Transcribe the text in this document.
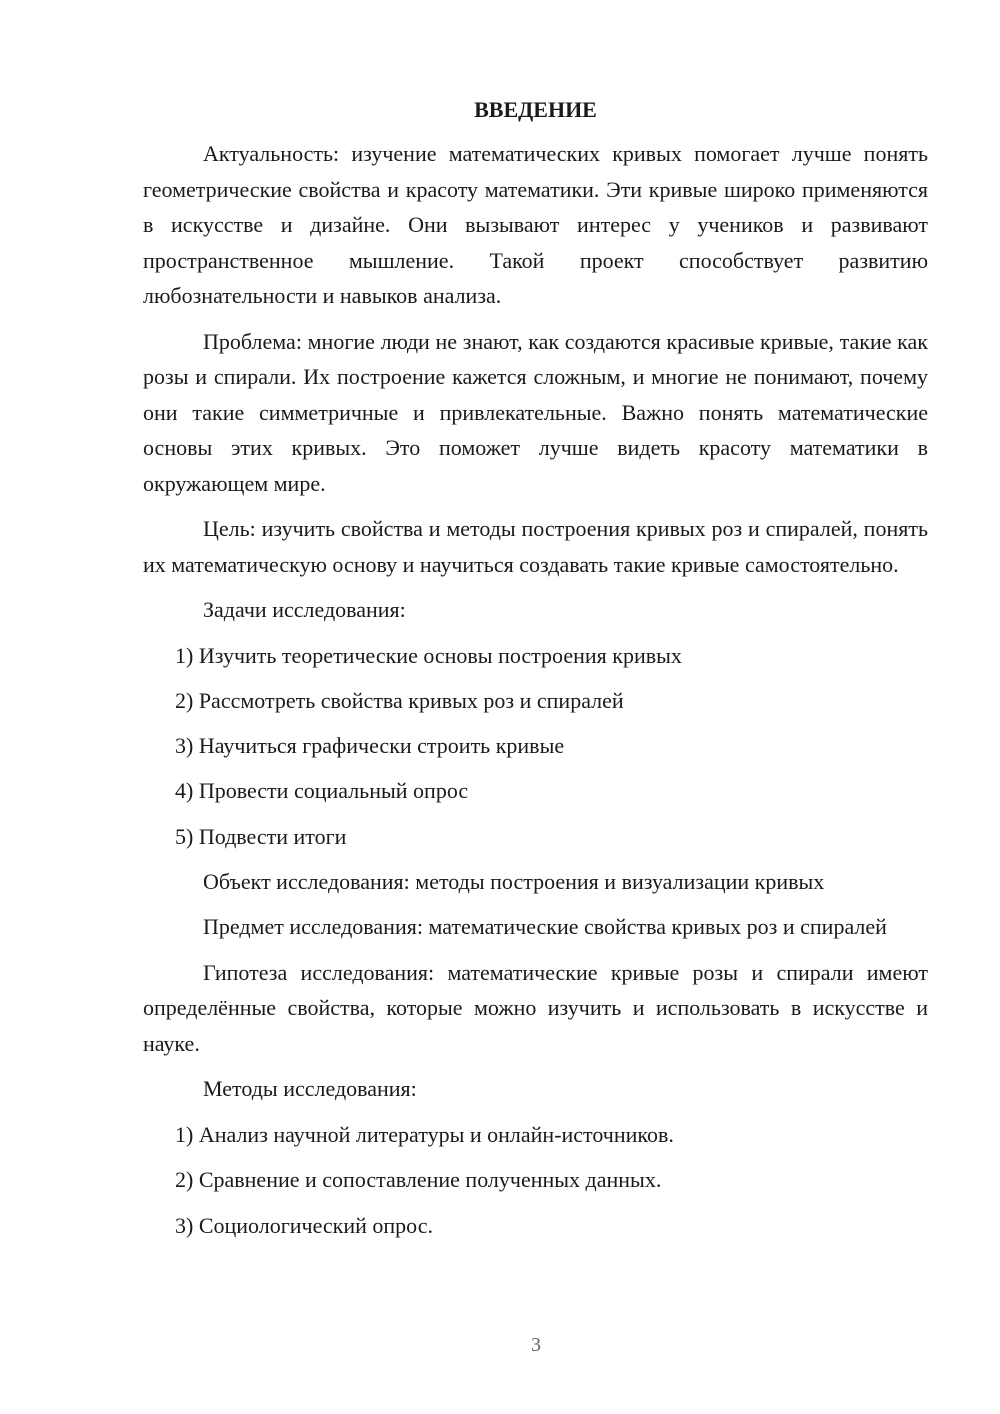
ВВЕДЕНИЕ

Актуальность: изучение математических кривых помогает лучше понять геометрические свойства и красоту математики. Эти кривые широко применяются в искусстве и дизайне. Они вызывают интерес у учеников и развивают пространственное мышление. Такой проект способствует развитию любознательности и навыков анализа.

Проблема: многие люди не знают, как создаются красивые кривые, такие как розы и спирали. Их построение кажется сложным, и многие не понимают, почему они такие симметричные и привлекательные. Важно понять математические основы этих кривых. Это поможет лучше видеть красоту математики в окружающем мире.

Цель: изучить свойства и методы построения кривых роз и спиралей, понять их математическую основу и научиться создавать такие кривые самостоятельно.

Задачи исследования:

1) Изучить теоретические основы построения кривых
2) Рассмотреть свойства кривых роз и спиралей
3) Научиться графически строить кривые
4) Провести социальный опрос
5) Подвести итоги

Объект исследования: методы построения и визуализации кривых

Предмет исследования: математические свойства кривых роз и спиралей

Гипотеза исследования: математические кривые розы и спирали имеют определённые свойства, которые можно изучить и использовать в искусстве и науке.

Методы исследования:

1) Анализ научной литературы и онлайн-источников.
2) Сравнение и сопоставление полученных данных.
3) Социологический опрос.
3
